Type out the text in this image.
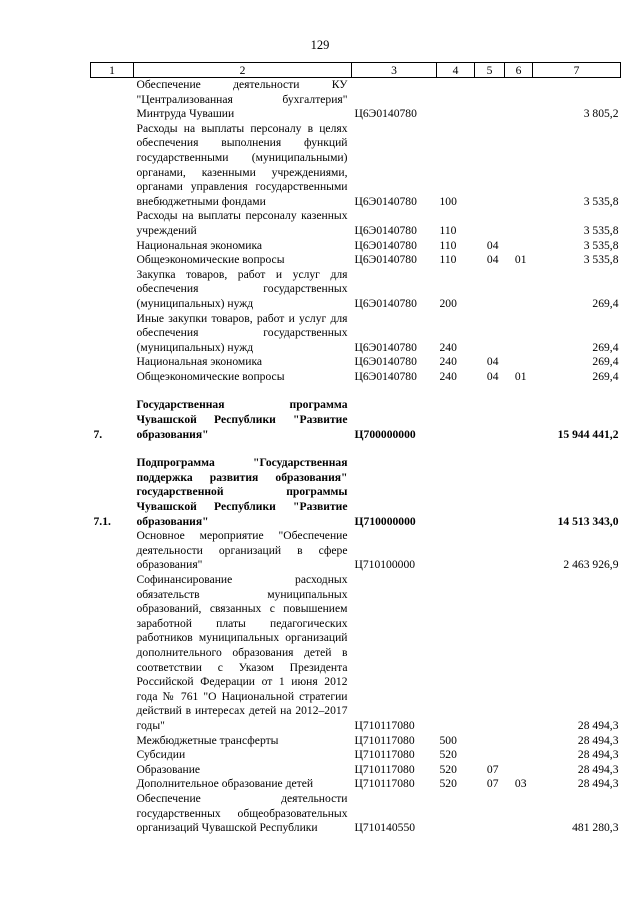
129
1	2	3	4	5	6	7
	Обеспечение деятельности КУ "Централизованная бухгалтерия" Минтруда Чувашии	Ц6Э0140780				3 805,2
	Расходы на выплаты персоналу в целях обеспечения выполнения функций государственными (муниципальными) органами, казенными учреждениями, органами управления государственными внебюджетными фондами	Ц6Э0140780	100			3 535,8
	Расходы на выплаты персоналу казенных учреждений	Ц6Э0140780	110			3 535,8
	Национальная экономика	Ц6Э0140780	110	04		3 535,8
	Общеэкономические вопросы	Ц6Э0140780	110	04	01	3 535,8
	Закупка товаров, работ и услуг для обеспечения государственных (муниципальных) нужд	Ц6Э0140780	200			269,4
	Иные закупки товаров, работ и услуг для обеспечения государственных (муниципальных) нужд	Ц6Э0140780	240			269,4
	Национальная экономика	Ц6Э0140780	240	04		269,4
	Общеэкономические вопросы	Ц6Э0140780	240	04	01	269,4

7.	Государственная программа Чувашской Республики "Развитие образования"	Ц700000000				15 944 441,2

7.1.	Подпрограмма "Государственная поддержка развития образования" государственной программы Чувашской Республики "Развитие образования"	Ц710000000				14 513 343,0
	Основное мероприятие "Обеспечение деятельности организаций в сфере образования"	Ц710100000				2 463 926,9
	Софинансирование расходных обязательств муниципальных образований, связанных с повышением заработной платы педагогических работников муниципальных организаций дополнительного образования детей в соответствии с Указом Президента Российской Федерации от 1 июня 2012 года № 761 "О Национальной стратегии действий в интересах детей на 2012–2017 годы"	Ц710117080				28 494,3
	Межбюджетные трансферты	Ц710117080	500			28 494,3
	Субсидии	Ц710117080	520			28 494,3
	Образование	Ц710117080	520	07		28 494,3
	Дополнительное образование детей	Ц710117080	520	07	03	28 494,3
	Обеспечение деятельности государственных общеобразовательных организаций Чувашской Республики	Ц710140550				481 280,3
